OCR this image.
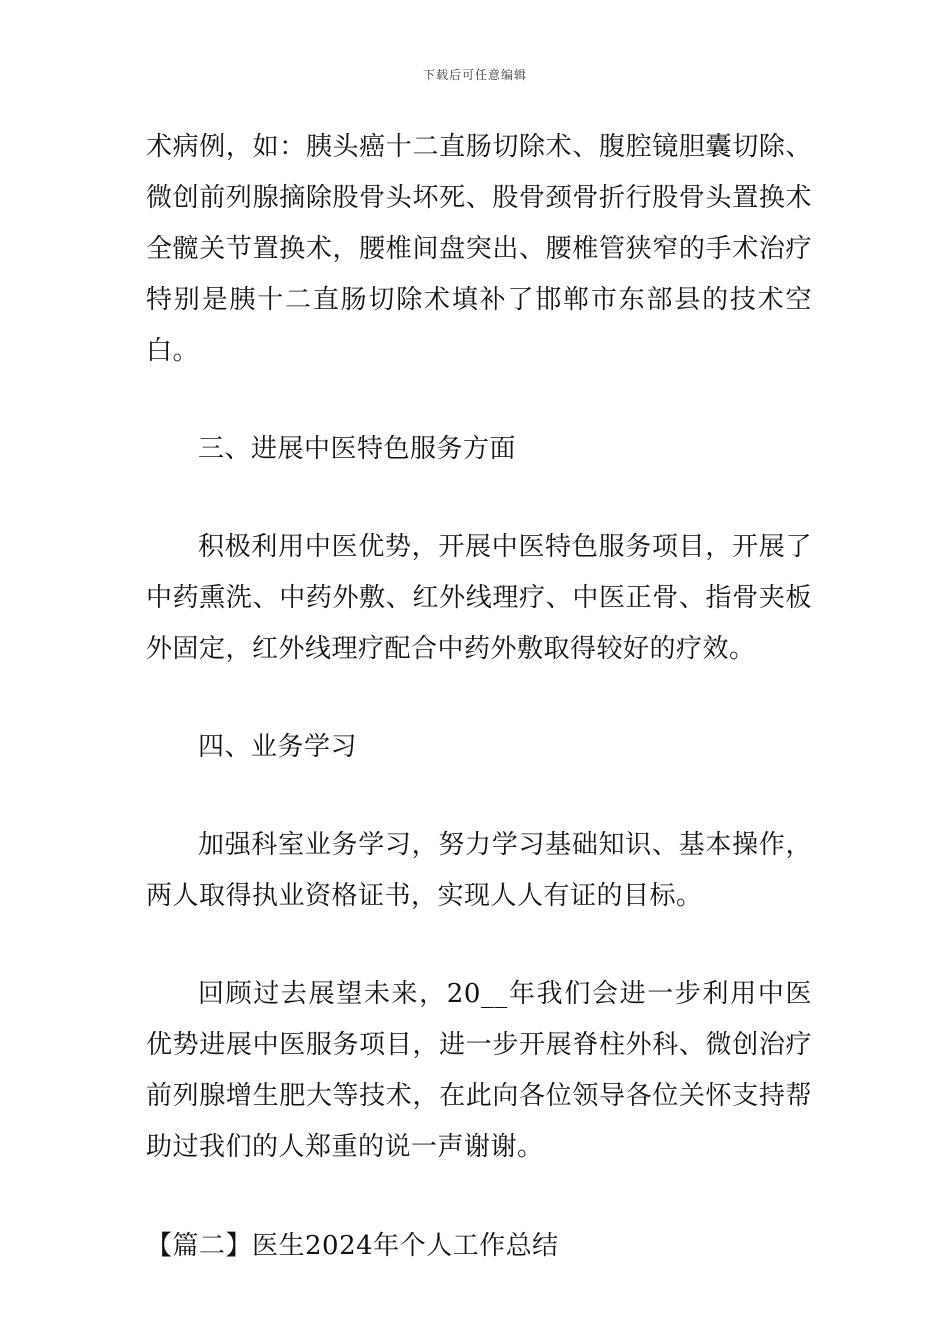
下载后可任意编辑

术病例，如：胰头癌十二直肠切除术、腹腔镜胆囊切除、微创前列腺摘除股骨头坏死、股骨颈骨折行股骨头置换术全髋关节置换术，腰椎间盘突出、腰椎管狭窄的手术治疗特别是胰十二直肠切除术填补了邯郸市东部县的技术空白。

三、进展中医特色服务方面

积极利用中医优势，开展中医特色服务项目，开展了中药熏洗、中药外敷、红外线理疗、中医正骨、指骨夹板外固定，红外线理疗配合中药外敷取得较好的疗效。

四、业务学习

加强科室业务学习，努力学习基础知识、基本操作，两人取得执业资格证书，实现人人有证的目标。

回顾过去展望未来，20__年我们会进一步利用中医优势进展中医服务项目，进一步开展脊柱外科、微创治疗前列腺增生肥大等技术，在此向各位领导各位关怀支持帮助过我们的人郑重的说一声谢谢。

【篇二】医生2024年个人工作总结
